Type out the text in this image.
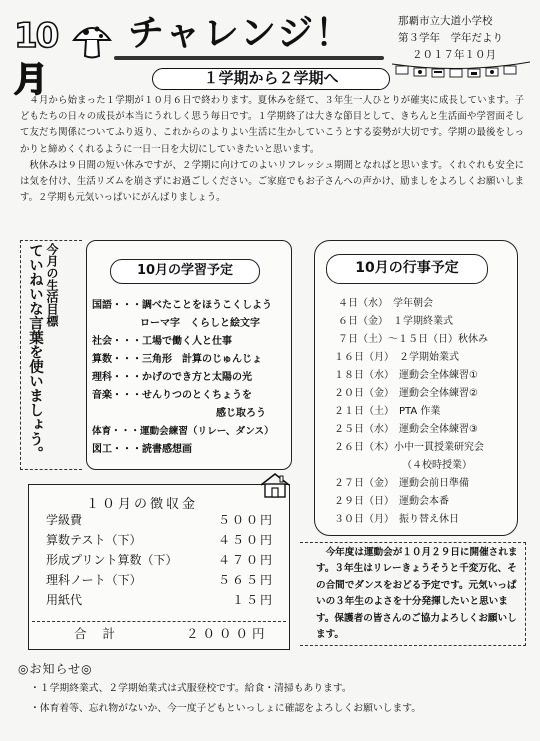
10月
チャレンジ！	那覇市立大道小学校
第３学年　学年だより
２０１７年１０月
１学期から２学期へ

４月から始まった１学期が１０月６日で終わります。夏休みを経て、３年生一人ひとりが確実に成長しています。子どもたちの日々の成長が本当にうれしく思う毎日です。１学期終了は大きな節目として、きちんと生活面や学習面そして友だち関係についてふり返り、これからのよりよい生活に生かしていこうとする姿勢が大切です。学期の最後をしっかりと締めくくれるように一日一日を大切にしていきたいと思います。

秋休みは９日間の短い休みですが、２学期に向けてのよいリフレッシュ期間となればと思います。くれぐれも安全には気を付け、生活リズムを崩さずにお過ごしください。ご家庭でもお子さんへの声かけ、励ましをよろしくお願いします。２学期も元気いっぱいにがんばりましょう。

今月の生活目標
ていねいな言葉を使いましょう。	10月の学習予定
国語・・・調べたことをほうこくしよう
ローマ字　くらしと絵文字
社会・・・工場で働く人と仕事
算数・・・三角形　計算のじゅんじょ
理科・・・かげのでき方と太陽の光
音楽・・・せんりつのとくちょうを
感じ取ろう
体育・・・運動会練習（リレー、ダンス）
図工・・・読書感想画
10月の行事予定
４日（水）　学年朝会
６日（金）　１学期終業式
７日（土）～１５日（日）秋休み
１６日（月）　２学期始業式
１８日（水）　運動会全体練習①
２０日（金）　運動会全体練習②
２１日（土）　PTA 作業
２５日（水）　運動会全体練習③
２６日（木）小中一貫授業研究会
（４校時授業）
２７日（金）　運動会前日準備
２９日（日）　運動会本番
３０日（月）　振り替え休日
１０月の徴収金
学級費	５００円
算数テスト（下）	４５０円
形成プリント算数（下）	４７０円
理科ノート（下）	５６５円
用紙代	１５円
合計	２０００円
今年度は運動会が１０月２９日に開催されます。３年生はリレーきょうそうと千変万化、その合間でダンスをおどる予定です。元気いっぱいの３年生のよさを十分発揮したいと思います。保護者の皆さんのご協力よろしくお願いします。
◎お知らせ◎
・１学期終業式、２学期始業式は式服登校です。給食・清掃もあります。
・体育着等、忘れ物がないか、今一度子どもといっしょに確認をよろしくお願いします。
